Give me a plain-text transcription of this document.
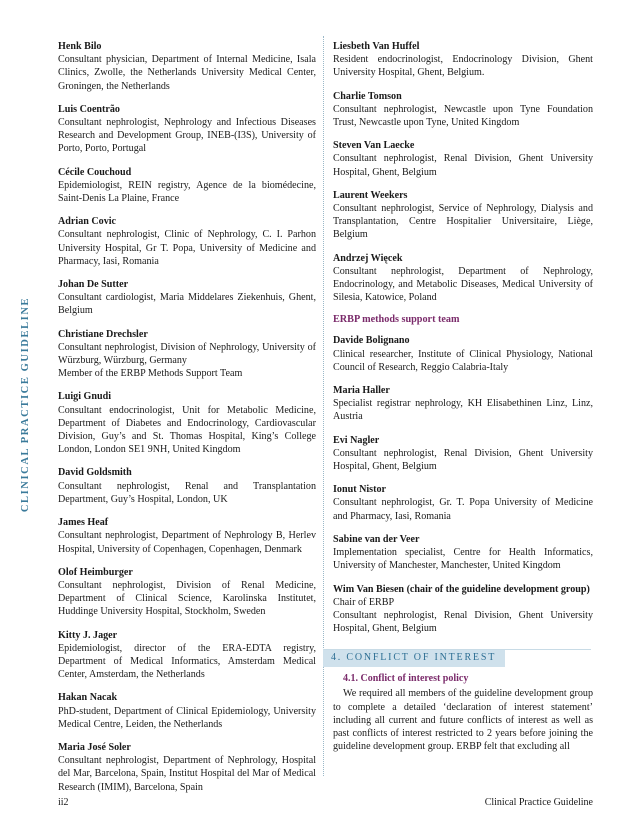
CLINICAL PRACTICE GUIDELINE
Henk Bilo
Consultant physician, Department of Internal Medicine, Isala Clinics, Zwolle, the Netherlands University Medical Center, Groningen, the Netherlands
Luis Coentrão
Consultant nephrologist, Nephrology and Infectious Diseases Research and Development Group, INEB-(I3S), University of Porto, Porto, Portugal
Cécile Couchoud
Epidemiologist, REIN registry, Agence de la biomédecine, Saint-Denis La Plaine, France
Adrian Covic
Consultant nephrologist, Clinic of Nephrology, C. I. Parhon University Hospital, Gr T. Popa, University of Medicine and Pharmacy, Iasi, Romania
Johan De Sutter
Consultant cardiologist, Maria Middelares Ziekenhuis, Ghent, Belgium
Christiane Drechsler
Consultant nephrologist, Division of Nephrology, University of Würzburg, Würzburg, Germany
Member of the ERBP Methods Support Team
Luigi Gnudi
Consultant endocrinologist, Unit for Metabolic Medicine, Department of Diabetes and Endocrinology, Cardiovascular Division, Guy’s and St. Thomas Hospital, King’s College London, London SE1 9NH, United Kingdom
David Goldsmith
Consultant nephrologist, Renal and Transplantation Department, Guy’s Hospital, London, UK
James Heaf
Consultant nephrologist, Department of Nephrology B, Herlev Hospital, University of Copenhagen, Copenhagen, Denmark
Olof Heimburger
Consultant nephrologist, Division of Renal Medicine, Department of Clinical Science, Karolinska Institutet, Huddinge University Hospital, Stockholm, Sweden
Kitty J. Jager
Epidemiologist, director of the ERA-EDTA registry, Department of Medical Informatics, Amsterdam Medical Center, Amsterdam, the Netherlands
Hakan Nacak
PhD-student, Department of Clinical Epidemiology, University Medical Centre, Leiden, the Netherlands
Maria José Soler
Consultant nephrologist, Department of Nephrology, Hospital del Mar, Barcelona, Spain, Institut Hospital del Mar of Medical Research (IMIM), Barcelona, Spain
Liesbeth Van Huffel
Resident endocrinologist, Endocrinology Division, Ghent University Hospital, Ghent, Belgium.
Charlie Tomson
Consultant nephrologist, Newcastle upon Tyne Foundation Trust, Newcastle upon Tyne, United Kingdom
Steven Van Laecke
Consultant nephrologist, Renal Division, Ghent University Hospital, Ghent, Belgium
Laurent Weekers
Consultant nephrologist, Service of Nephrology, Dialysis and Transplantation, Centre Hospitalier Universitaire, Liège, Belgium
Andrzej Więcek
Consultant nephrologist, Department of Nephrology, Endocrinology, and Metabolic Diseases, Medical University of Silesia, Katowice, Poland
ERBP methods support team
Davide Bolignano
Clinical researcher, Institute of Clinical Physiology, National Council of Research, Reggio Calabria-Italy
Maria Haller
Specialist registrar nephrology, KH Elisabethinen Linz, Linz, Austria
Evi Nagler
Consultant nephrologist, Renal Division, Ghent University Hospital, Ghent, Belgium
Ionut Nistor
Consultant nephrologist, Gr. T. Popa University of Medicine and Pharmacy, Iasi, Romania
Sabine van der Veer
Implementation specialist, Centre for Health Informatics, University of Manchester, Manchester, United Kingdom
Wim Van Biesen (chair of the guideline development group)
Chair of ERBP
Consultant nephrologist, Renal Division, Ghent University Hospital, Ghent, Belgium
4. CONFLICT OF INTEREST
4.1. Conflict of interest policy

We required all members of the guideline development group to complete a detailed ‘declaration of interest statement’ including all current and future conflicts of interest as well as past conflicts of interest restricted to 2 years before joining the guideline development group. ERBP felt that excluding all

ii2	Clinical Practice Guideline
